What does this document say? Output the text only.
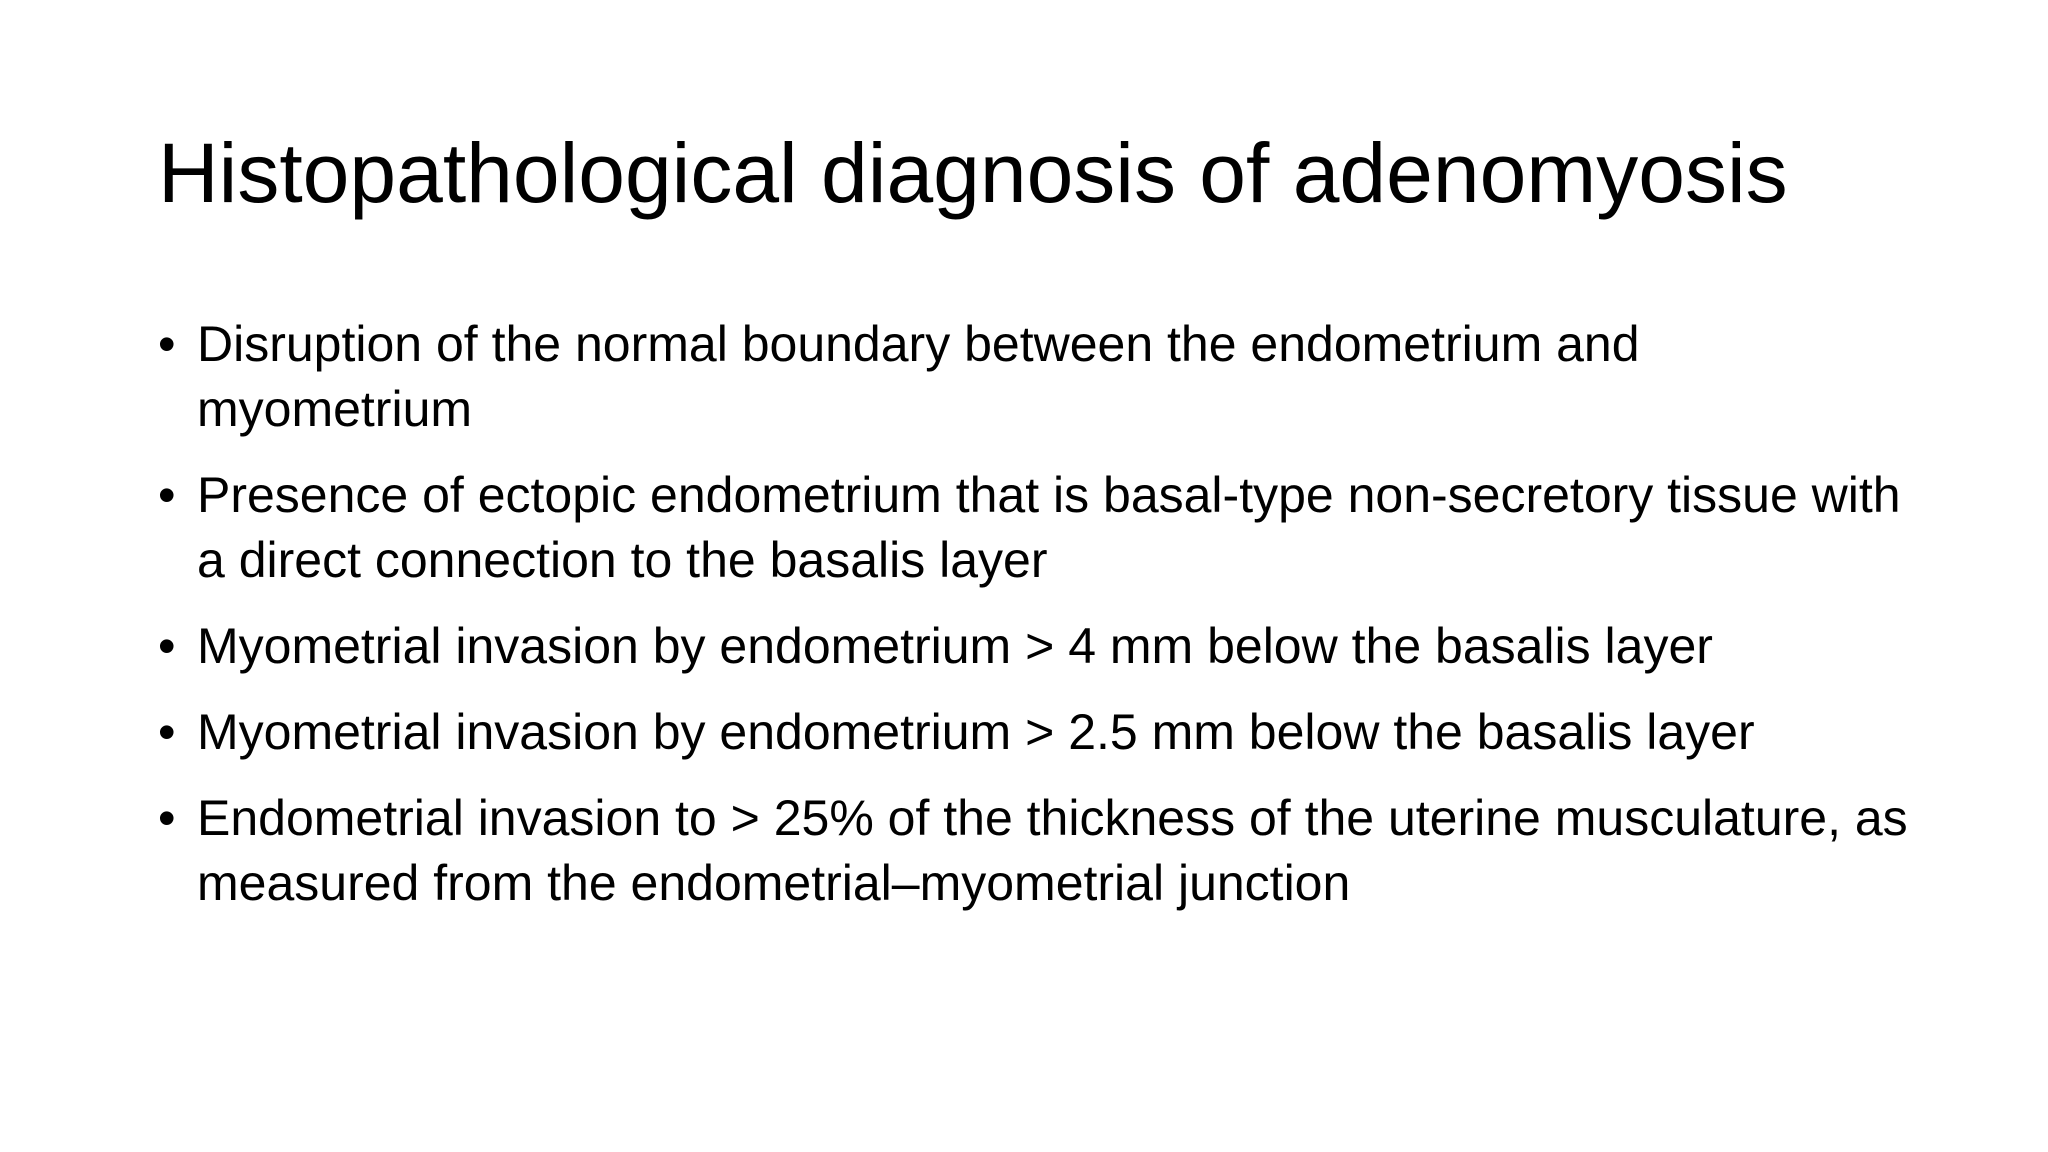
Histopathological diagnosis of adenomyosis
• Disruption of the normal boundary between the endometrium and myometrium
• Presence of ectopic endometrium that is basal-type non-secretory tissue with a direct connection to the basalis layer
• Myometrial invasion by endometrium > 4 mm below the basalis layer
• Myometrial invasion by endometrium > 2.5 mm below the basalis layer
• Endometrial invasion to > 25% of the thickness of the uterine musculature, as measured from the endometrial–myometrial junction
